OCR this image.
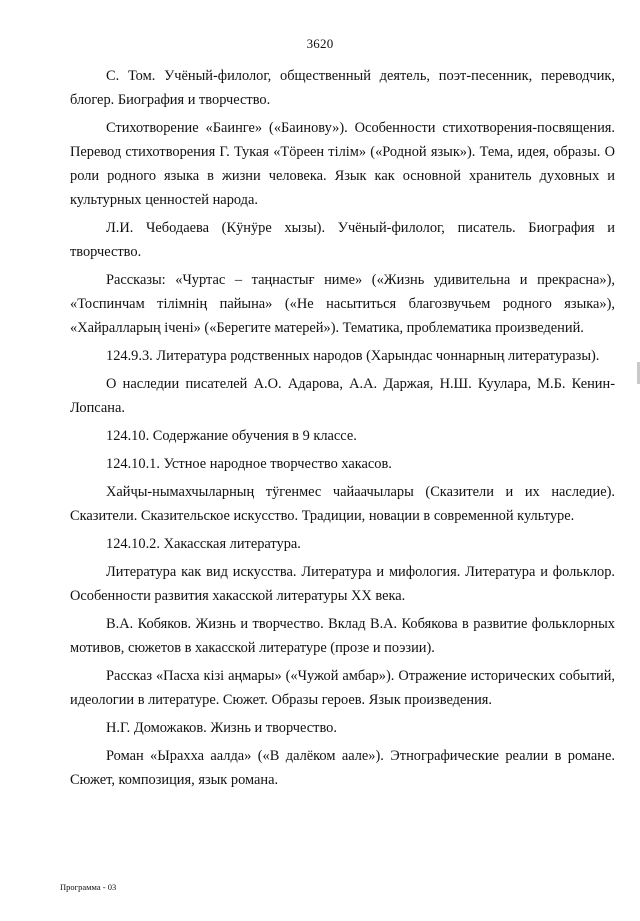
3620

С. Том. Учёный-филолог, общественный деятель, поэт-песенник, переводчик, блогер. Биография и творчество.

Стихотворение «Баинге» («Баинову»). Особенности стихотворения-посвящения. Перевод стихотворения Г. Тукая «Тöреен тiлiм» («Родной язык»). Тема, идея, образы. О роли родного языка в жизни человека. Язык как основной хранитель духовных и культурных ценностей народа.

Л.И. Чебодаева (Кӱнӱре хызы). Учёный-филолог, писатель. Биография и творчество.

Рассказы: «Чуртас – таңнастығ ниме» («Жизнь удивительна и прекрасна»), «Тоспинчам тiлiмнiң пайына» («Не насытиться благозвучьем родного языка»), «Хайралларың iченi» («Берегите матерей»). Тематика, проблематика произведений.

124.9.3. Литература родственных народов (Харындас чоннарның литературазы).

О наследии писателей А.О. Адарова, А.А. Даржая, Н.Ш. Куулара, М.Б. Кенин-Лопсана.

124.10. Содержание обучения в 9 классе.

124.10.1. Устное народное творчество хакасов.

Хайҷы-нымахчыларның тӱгенмес чайаачылары (Сказители и их наследие). Сказители. Сказительское искусство. Традиции, новации в современной культуре.

124.10.2. Хакасская литература.

Литература как вид искусства. Литература и мифология. Литература и фольклор. Особенности развития хакасской литературы XX века.

В.А. Кобяков. Жизнь и творчество. Вклад В.А. Кобякова в развитие фольклорных мотивов, сюжетов в хакасской литературе (прозе и поэзии).

Рассказ «Пасха кiзi аңмары» («Чужой амбар»). Отражение исторических событий, идеологии в литературе. Сюжет. Образы героев. Язык произведения.

Н.Г. Доможаков. Жизнь и творчество.

Роман «Ырахха аалда» («В далёком аале»). Этнографические реалии в романе. Сюжет, композиция, язык романа.

Программа - 03
